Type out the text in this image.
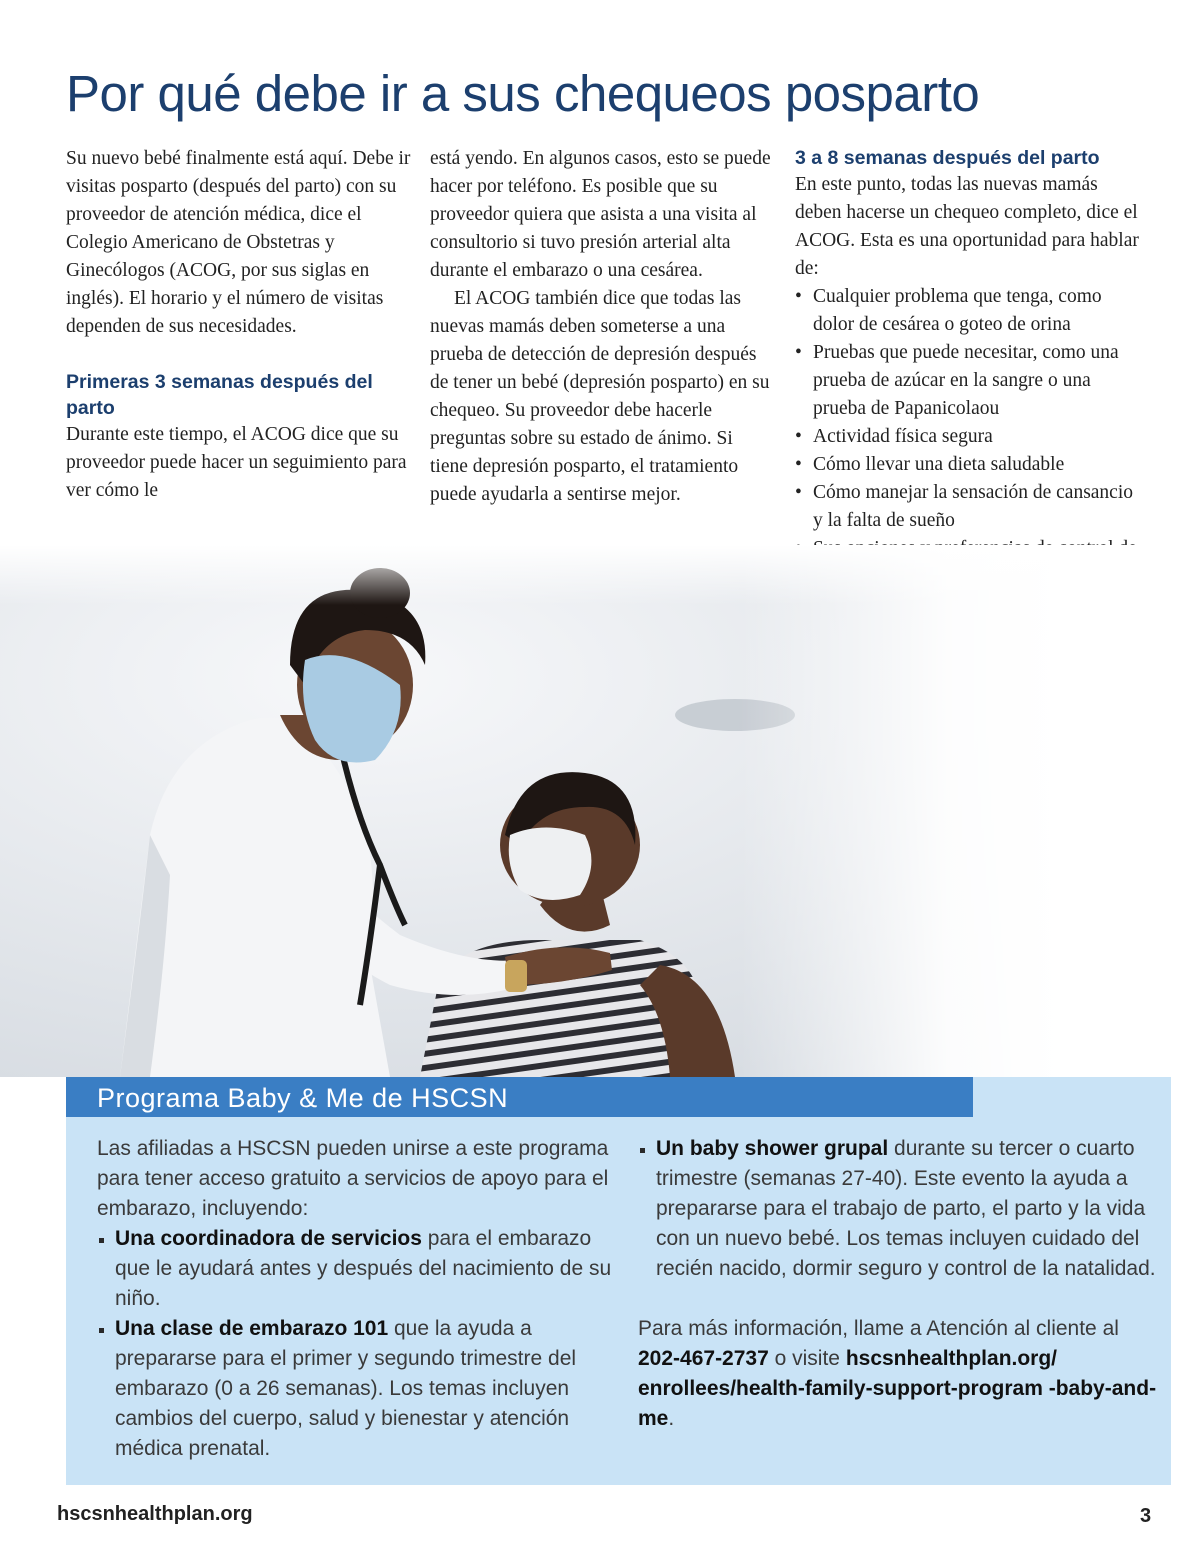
Por qué debe ir a sus chequeos posparto

Su nuevo bebé finalmente está aquí. Debe ir visitas posparto (después del parto) con su proveedor de atención médica, dice el Colegio Americano de Obstetras y Ginecólogos (ACOG, por sus siglas en inglés). El horario y el número de visitas dependen de sus necesidades.

Primeras 3 semanas después del parto

Durante este tiempo, el ACOG dice que su proveedor puede hacer un seguimiento para ver cómo le

está yendo. En algunos casos, esto se puede hacer por teléfono. Es posible que su proveedor quiera que asista a una visita al consultorio si tuvo presión arterial alta durante el embarazo o una cesárea.

El ACOG también dice que todas las nuevas mamás deben someterse a una prueba de detección de depresión después de tener un bebé (depresión posparto) en su chequeo. Su proveedor debe hacerle preguntas sobre su estado de ánimo. Si tiene depresión posparto, el tratamiento puede ayudarla a sentirse mejor.

3 a 8 semanas después del parto

En este punto, todas las nuevas mamás deben hacerse un chequeo completo, dice el ACOG. Esta es una oportunidad para hablar de:

• Cualquier problema que tenga, como dolor de cesárea o goteo de orina
• Pruebas que puede necesitar, como una prueba de azúcar en la sangre o una prueba de Papanicolaou
• Actividad física segura
• Cómo llevar una dieta saludable
• Cómo manejar la sensación de cansancio y la falta de sueño
•

Programa Baby & Me de HSCSN

Las afiliadas a HSCSN pueden unirse a este programa para tener acceso gratuito a servicios de apoyo para el embarazo, incluyendo:

Una coordinadora de servicios para el embarazo que le ayudará antes y después del nacimiento de su niño.
Una clase de embarazo 101 que la ayuda a prepararse para el primer y segundo trimestre del embarazo (0 a 26 semanas). Los temas incluyen cambios del cuerpo, salud y bienestar y atención médica prenatal.
Un baby shower grupal durante su tercer o cuarto trimestre (semanas 27-40). Este evento la ayuda a prepararse para el trabajo de parto, el parto y la vida con un nuevo bebé. Los temas incluyen cuidado del recién nacido, dormir seguro y control de la natalidad.

Para más información, llame a Atención al cliente al 202-467-2737 o visite hscsnhealthplan.org/ enrollees/health-family-support-program -baby-and-me.

hscsnhealthplan.org	3
